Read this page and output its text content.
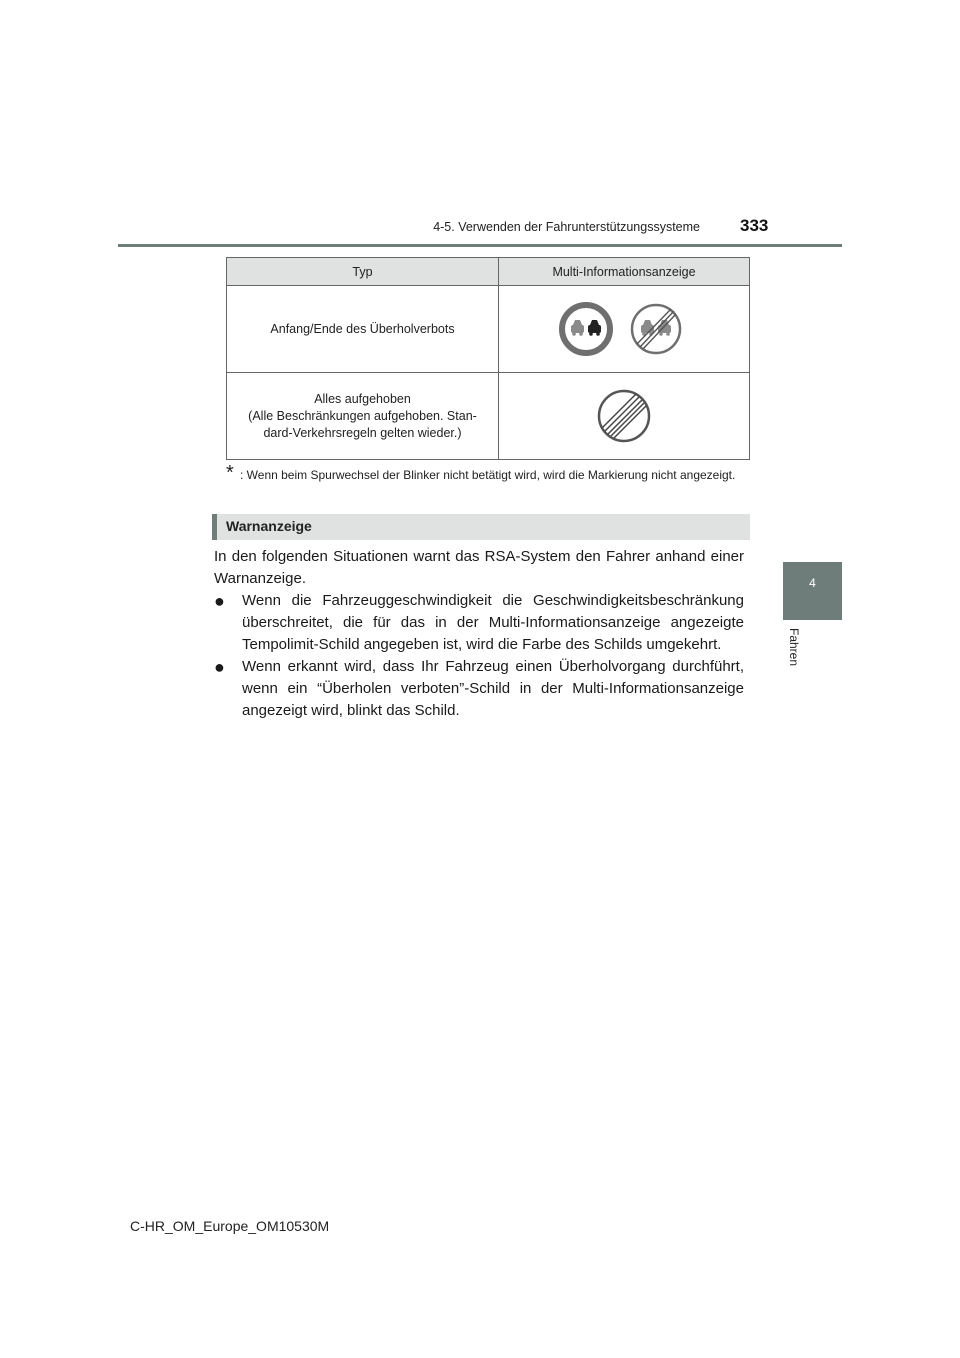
4-5. Verwenden der Fahrunterstützungssysteme 333
4
Fahren
Typ	Multi-Informationsanzeige
Anfang/Ende des Überholverbots	

Alles aufgehoben
(Alle Beschränkungen aufgehoben. Stan-
dard-Verkehrsregeln gelten wieder.)

* : Wenn beim Spurwechsel der Blinker nicht betätigt wird, wird die Markierung nicht angezeigt.
Warnanzeige
In den folgenden Situationen warnt das RSA-System den Fahrer anhand einer Warnanzeige.
●	Wenn die Fahrzeuggeschwindigkeit die Geschwindigkeitsbeschränkung überschreitet, die für das in der Multi-Informationsanzeige angezeigte Tempolimit-Schild angegeben ist, wird die Farbe des Schilds umgekehrt.
●	Wenn erkannt wird, dass Ihr Fahrzeug einen Überholvorgang durchführt, wenn ein “Überholen verboten”-Schild in der Multi-Informationsanzeige angezeigt wird, blinkt das Schild.
C-HR_OM_Europe_OM10530M
